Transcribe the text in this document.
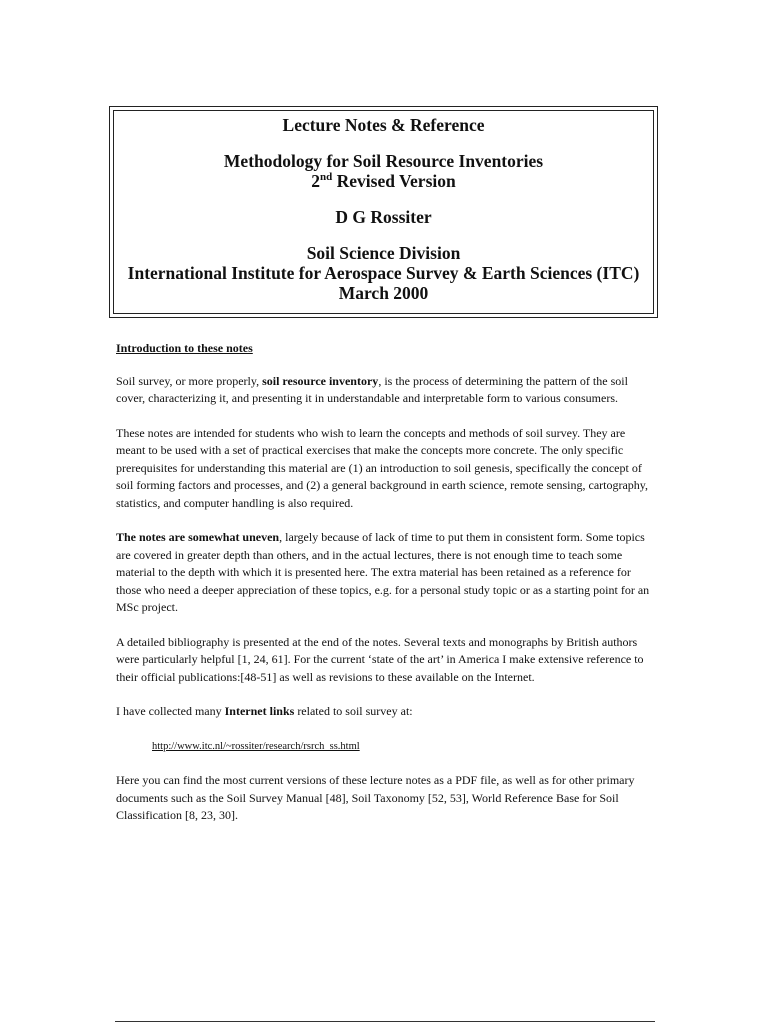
Lecture Notes & Reference
Methodology for Soil Resource Inventories
2nd Revised Version
D G Rossiter
Soil Science Division
International Institute for Aerospace Survey & Earth Sciences (ITC)
March 2000

Introduction to these notes

Soil survey, or more properly, soil resource inventory, is the process of determining the pattern of the soil cover, characterizing it, and presenting it in understandable and interpretable form to various consumers.

These notes are intended for students who wish to learn the concepts and methods of soil survey. They are meant to be used with a set of practical exercises that make the concepts more concrete. The only specific prerequisites for understanding this material are (1) an introduction to soil genesis, specifically the concept of soil forming factors and processes, and (2) a general background in earth science, remote sensing, cartography, statistics, and computer handling is also required.

The notes are somewhat uneven, largely because of lack of time to put them in consistent form. Some topics are covered in greater depth than others, and in the actual lectures, there is not enough time to teach some material to the depth with which it is presented here. The extra material has been retained as a reference for those who need a deeper appreciation of these topics, e.g. for a personal study topic or as a starting point for an MSc project.

A detailed bibliography is presented at the end of the notes. Several texts and monographs by British authors were particularly helpful [1, 24, 61]. For the current ‘state of the art’ in America I make extensive reference to their official publications:[48-51] as well as revisions to these available on the Internet.

I have collected many Internet links related to soil survey at:

http://www.itc.nl/~rossiter/research/rsrch_ss.html

Here you can find the most current versions of these lecture notes as a PDF file, as well as for other primary documents such as the Soil Survey Manual [48], Soil Taxonomy [52, 53], World Reference Base for Soil Classification [8, 23, 30].
